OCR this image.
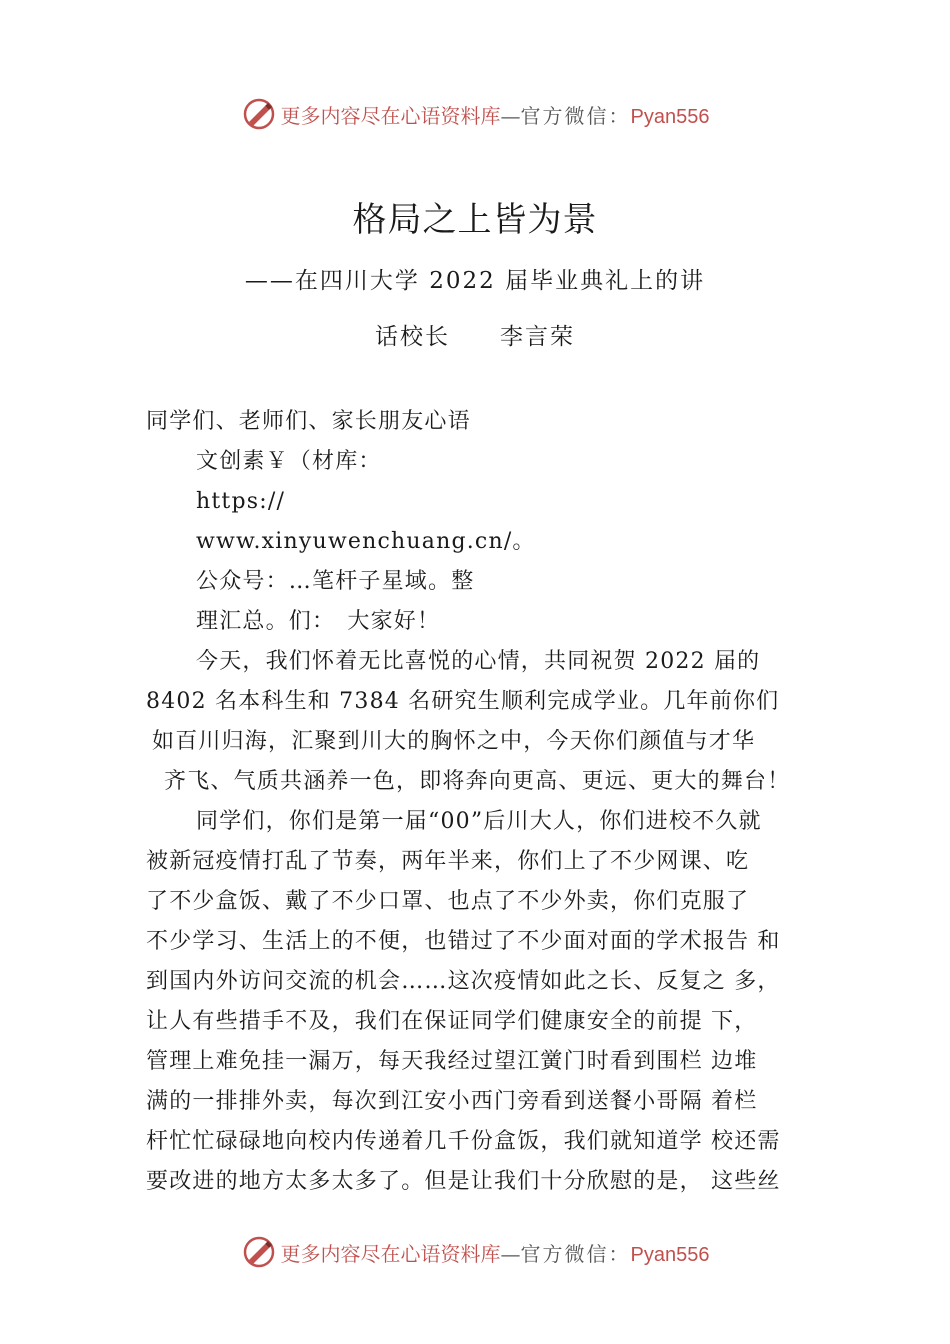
更多内容尽在心语资料库—官方微信：Pyan556
格局之上皆为景
——在四川大学 2022 届毕业典礼上的讲
话校长 李言荣
同学们、老师们、家长朋友心语
文创素￥（材库：
https://
www.xinyuwenchuang.cn/。
公众号：…笔杆子星域。整
理汇总。们：　大家好！
今天，我们怀着无比喜悦的心情，共同祝贺 2022 届的
8402 名本科生和 7384 名研究生顺利完成学业。几年前你们
如百川归海，汇聚到川大的胸怀之中，今天你们颜值与才华
齐飞、气质共涵养一色，即将奔向更高、更远、更大的舞台！
同学们，你们是第一届“00”后川大人，你们进校不久就
被新冠疫情打乱了节奏，两年半来，你们上了不少网课、吃
了不少盒饭、戴了不少口罩、也点了不少外卖，你们克服了
不少学习、生活上的不便，也错过了不少面对面的学术报告 和
到国内外访问交流的机会……这次疫情如此之长、反复之 多，
让人有些措手不及，我们在保证同学们健康安全的前提 下，
管理上难免挂一漏万，每天我经过望江黉门时看到围栏 边堆
满的一排排外卖，每次到江安小西门旁看到送餐小哥隔 着栏
杆忙忙碌碌地向校内传递着几千份盒饭，我们就知道学 校还需
要改进的地方太多太多了。但是让我们十分欣慰的是， 这些丝
更多内容尽在心语资料库—官方微信：Pyan556
